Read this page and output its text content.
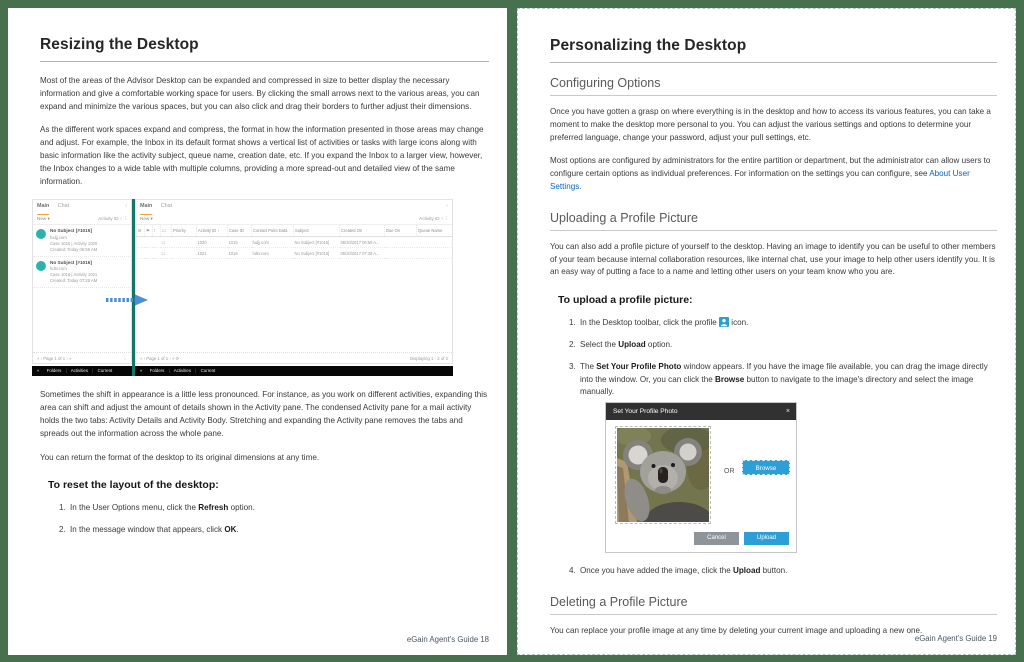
Resizing the Desktop

Most of the areas of the Advisor Desktop can be expanded and compressed in size to better display the necessary information and give a comfortable working space for users. By clicking the small arrows next to the various areas, you can expand and minimize the various spaces, but you can also click and drag their borders to further adjust their dimensions.

As the different work spaces expand and compress, the format in how the information presented in those areas may change and adjust. For example, the Inbox in its default format shows a vertical list of activities or tasks with large icons along with basic information like the activity subject, queue name, creation date, etc. If you expand the Inbox to a larger view, however, the Inbox changes to a wide table with multiple columns, providing a more spread-out and detailed view of the same information.

Main Chat	‹
New ▾	Activity ID ↑ ⋮
No Subject [#1015]
fudjj.com
Case 1015 | Activity 1020
Created: Today 06:59 AM
No Subject [#1016]
hdtv.com
Case 1016 | Activity 1021
Created: Today 07:28 AM
« ‹ Page 1 of 1 › »	⋮
Main Chat	‹
New ▾	Activity ID ↑ ⋮
✉	⚑	!	☐	Priority	Activity ID ↑	Case ID	Contact Point Data	Subject	Created On	Due On	Queue Name
			☐		1020	1015	fudjj.com	No Subject [#1015]	06/20/2017 06:59 A...		
			☐		1021	1016	hdtv.com	No Subject [#1016]	06/20/2017 07:28 A...		
« ‹ Page 1 of 1 › » ⟳	Displaying 1 - 2 of 2
« Folders | Activities | Current	« Folders | Activities | Current

Sometimes the shift in appearance is a little less pronounced. For instance, as you work on different activities, expanding this area can shift and adjust the amount of details shown in the Activity pane. The condensed Activity pane for a mail activity holds the two tabs: Activity Details and Activity Body. Stretching and expanding the Activity pane removes the tabs and spreads out the information across the whole pane.

You can return the format of the desktop to its original dimensions at any time.

To reset the layout of the desktop:
1. In the User Options menu, click the Refresh option.
2. In the message window that appears, click OK.
eGain Agent's Guide 18
Personalizing the Desktop
Configuring Options

Once you have gotten a grasp on where everything is in the desktop and how to access its various features, you can take a moment to make the desktop more personal to you. You can adjust the various settings and options to determine your preferred language, change your password, adjust your pull settings, etc.

Most options are configured by administrators for the entire partition or department, but the administrator can allow users to configure certain options as individual preferences. For information on the settings you can configure, see About User Settings.

Uploading a Profile Picture

You can also add a profile picture of yourself to the desktop. Having an image to identify you can be useful to other members of your team because internal collaboration resources, like internal chat, use your image to help other users identify you. It is an easy way of putting a face to a name and letting other users on your team know who you are.

To upload a profile picture:
1. In the Desktop toolbar, click the profile  icon.
2. Select the Upload option.
3. The Set Your Profile Photo window appears. If you have the image file available, you can drag the image directly into the window. Or, you can click the Browse button to navigate to the image's directory and select the image manually.
Set Your Profile Photo	×
OR	Browse
Cancel	Upload
4. Once you have added the image, click the Upload button.
Deleting a Profile Picture

You can replace your profile image at any time by deleting your current image and uploading a new one.

eGain Agent's Guide 19
